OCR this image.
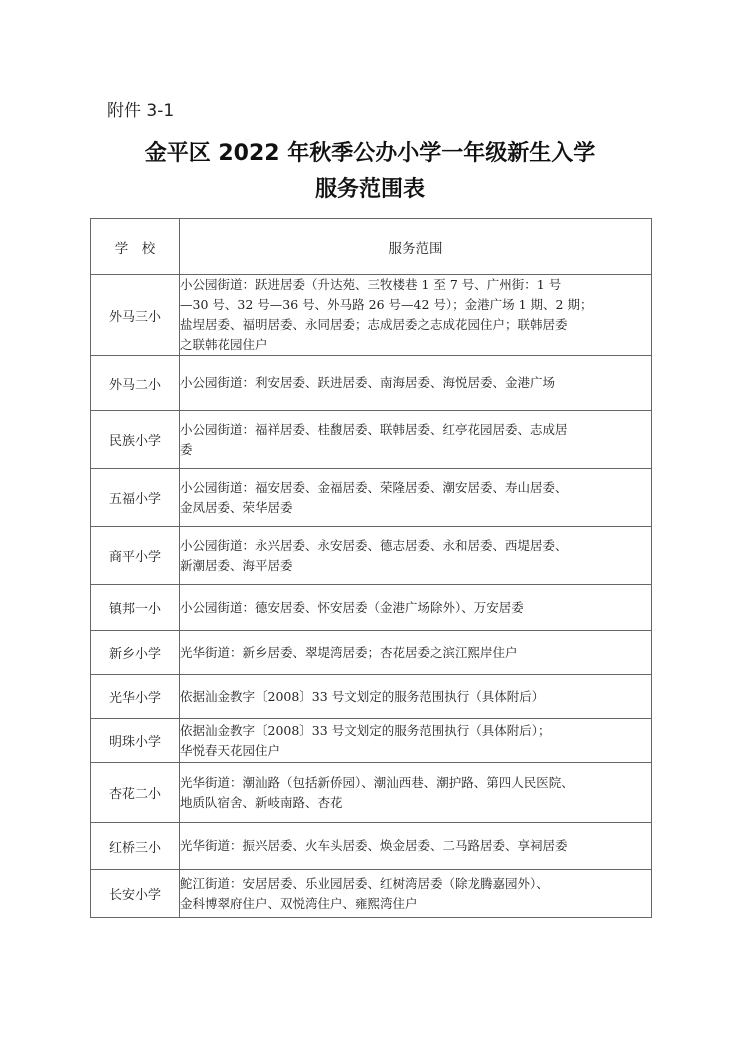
附件 3-1
金平区 2022 年秋季公办小学一年级新生入学
服务范围表
学　校	服务范围
外马三小	小公园街道：跃进居委（升达苑、三牧楼巷 1 至 7 号、广州街：1 号
—30 号、32 号—36 号、外马路 26 号—42 号）；金港广场 1 期、2 期；
盐埕居委、福明居委、永同居委；志成居委之志成花园住户；联韩居委
之联韩花园住户

外马二小	小公园街道：利安居委、跃进居委、南海居委、海悦居委、金港广场

民族小学	小公园街道：福祥居委、桂馥居委、联韩居委、红亭花园居委、志成居
委

五福小学	小公园街道：福安居委、金福居委、荣隆居委、潮安居委、寿山居委、
金凤居委、荣华居委

商平小学	小公园街道：永兴居委、永安居委、德志居委、永和居委、西堤居委、
新潮居委、海平居委

镇邦一小	小公园街道：德安居委、怀安居委（金港广场除外）、万安居委

新乡小学	光华街道：新乡居委、翠堤湾居委；杏花居委之滨江熙岸住户

光华小学	依据汕金教字〔2008〕33 号文划定的服务范围执行（具体附后）

明珠小学	依据汕金教字〔2008〕33 号文划定的服务范围执行（具体附后）；
华悦春天花园住户

杏花二小	光华街道：潮汕路（包括新侨园）、潮汕西巷、潮护路、第四人民医院、
地质队宿舍、新岐南路、杏花

红桥三小	光华街道：振兴居委、火车头居委、焕金居委、二马路居委、享祠居委

长安小学	鮀江街道：安居居委、乐业园居委、红树湾居委（除龙腾嘉园外）、
金科博翠府住户、双悦湾住户、雍熙湾住户
